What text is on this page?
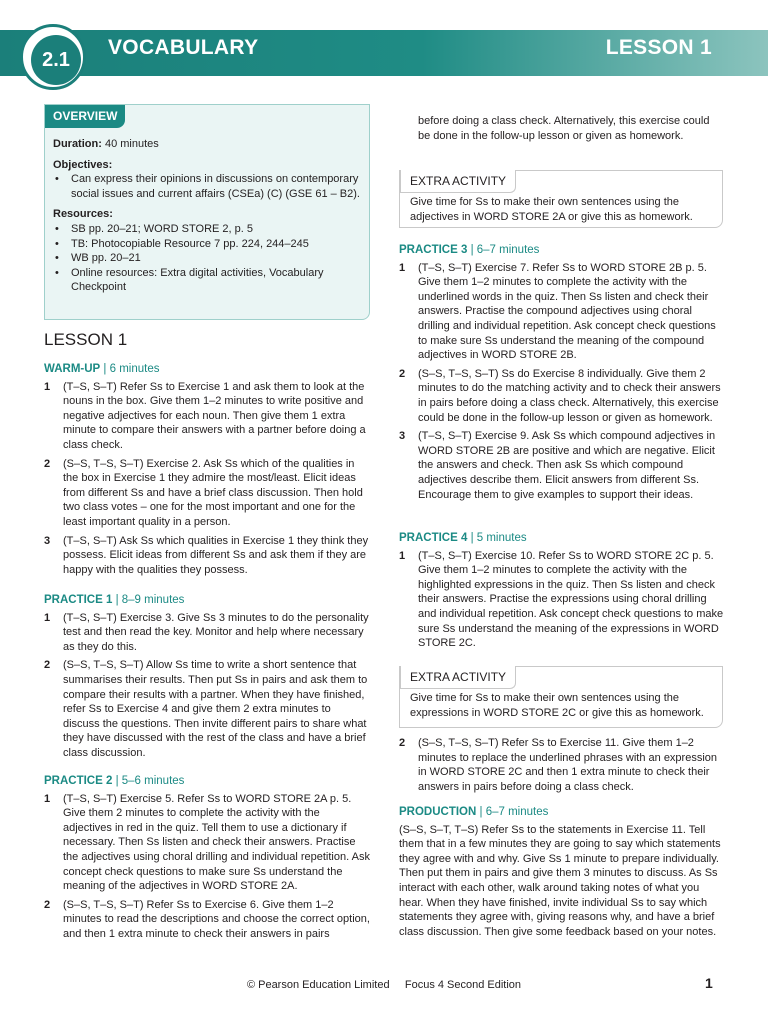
2.1
VOCABULARY	LESSON 1
OVERVIEW

Duration: 40 minutes

Objectives:
• Can express their opinions in discussions on contemporary social issues and current affairs (CSEa) (C) (GSE 61 – B2).
Resources:
• SB pp. 20–21; WORD STORE 2, p. 5
• TB: Photocopiable Resource 7 pp. 224, 244–245
• WB pp. 20–21
• Online resources: Extra digital activities, Vocabulary Checkpoint
LESSON 1
WARM-UP | 6 minutes
1 (T–S, S–T) Refer Ss to Exercise 1 and ask them to look at the nouns in the box. Give them 1–2 minutes to write positive and negative adjectives for each noun. Then give them 1 extra minute to compare their answers with a partner before doing a class check.
2 (S–S, T–S, S–T) Exercise 2. Ask Ss which of the qualities in the box in Exercise 1 they admire the most/least. Elicit ideas from different Ss and have a brief class discussion. Then hold two class votes – one for the most important and one for the least important quality in a person.
3 (T–S, S–T) Ask Ss which qualities in Exercise 1 they think they possess. Elicit ideas from different Ss and ask them if they are happy with the qualities they possess.
PRACTICE 1 | 8–9 minutes
1 (T–S, S–T) Exercise 3. Give Ss 3 minutes to do the personality test and then read the key. Monitor and help where necessary as they do this.
2 (S–S, T–S, S–T) Allow Ss time to write a short sentence that summarises their results. Then put Ss in pairs and ask them to compare their results with a partner. When they have finished, refer Ss to Exercise 4 and give them 2 extra minutes to discuss the questions. Then invite different pairs to share what they have discussed with the rest of the class and have a brief class discussion.
PRACTICE 2 | 5–6 minutes
1 (T–S, S–T) Exercise 5. Refer Ss to WORD STORE 2A p. 5. Give them 2 minutes to complete the activity with the adjectives in red in the quiz. Tell them to use a dictionary if necessary. Then Ss listen and check their answers. Practise the adjectives using choral drilling and individual repetition. Ask concept check questions to make sure Ss understand the meaning of the adjectives in WORD STORE 2A.
2 (S–S, T–S, S–T) Refer Ss to Exercise 6. Give them 1–2 minutes to read the descriptions and choose the correct option, and then 1 extra minute to check their answers in pairs
before doing a class check. Alternatively, this exercise could be done in the follow-up lesson or given as homework.
EXTRA ACTIVITY
Give time for Ss to make their own sentences using the adjectives in WORD STORE 2A or give this as homework.
PRACTICE 3 | 6–7 minutes
1 (T–S, S–T) Exercise 7. Refer Ss to WORD STORE 2B p. 5. Give them 1–2 minutes to complete the activity with the underlined words in the quiz. Then Ss listen and check their answers. Practise the compound adjectives using choral drilling and individual repetition. Ask concept check questions to make sure Ss understand the meaning of the compound adjectives in WORD STORE 2B.
2 (S–S, T–S, S–T) Ss do Exercise 8 individually. Give them 2 minutes to do the matching activity and to check their answers in pairs before doing a class check. Alternatively, this exercise could be done in the follow-up lesson or given as homework.
3 (T–S, S–T) Exercise 9. Ask Ss which compound adjectives in WORD STORE 2B are positive and which are negative. Elicit the answers and check. Then ask Ss which compound adjectives describe them. Elicit answers from different Ss. Encourage them to give examples to support their ideas.
PRACTICE 4 | 5 minutes
1 (T–S, S–T) Exercise 10. Refer Ss to WORD STORE 2C p. 5. Give them 1–2 minutes to complete the activity with the highlighted expressions in the quiz. Then Ss listen and check their answers. Practise the expressions using choral drilling and individual repetition. Ask concept check questions to make sure Ss understand the meaning of the expressions in WORD STORE 2C.
EXTRA ACTIVITY
Give time for Ss to make their own sentences using the expressions in WORD STORE 2C or give this as homework.
2 (S–S, T–S, S–T) Refer Ss to Exercise 11. Give them 1–2 minutes to replace the underlined phrases with an expression in WORD STORE 2C and then 1 extra minute to check their answers in pairs before doing a class check.
PRODUCTION | 6–7 minutes
(S–S, S–T, T–S) Refer Ss to the statements in Exercise 11. Tell them that in a few minutes they are going to say which statements they agree with and why. Give Ss 1 minute to prepare individually. Then put them in pairs and give them 3 minutes to discuss. As Ss interact with each other, walk around taking notes of what you hear. When they have finished, invite individual Ss to say which statements they agree with, giving reasons why, and have a brief class discussion. Then give some feedback based on your notes.
© Pearson Education Limited     Focus 4 Second Edition	1
